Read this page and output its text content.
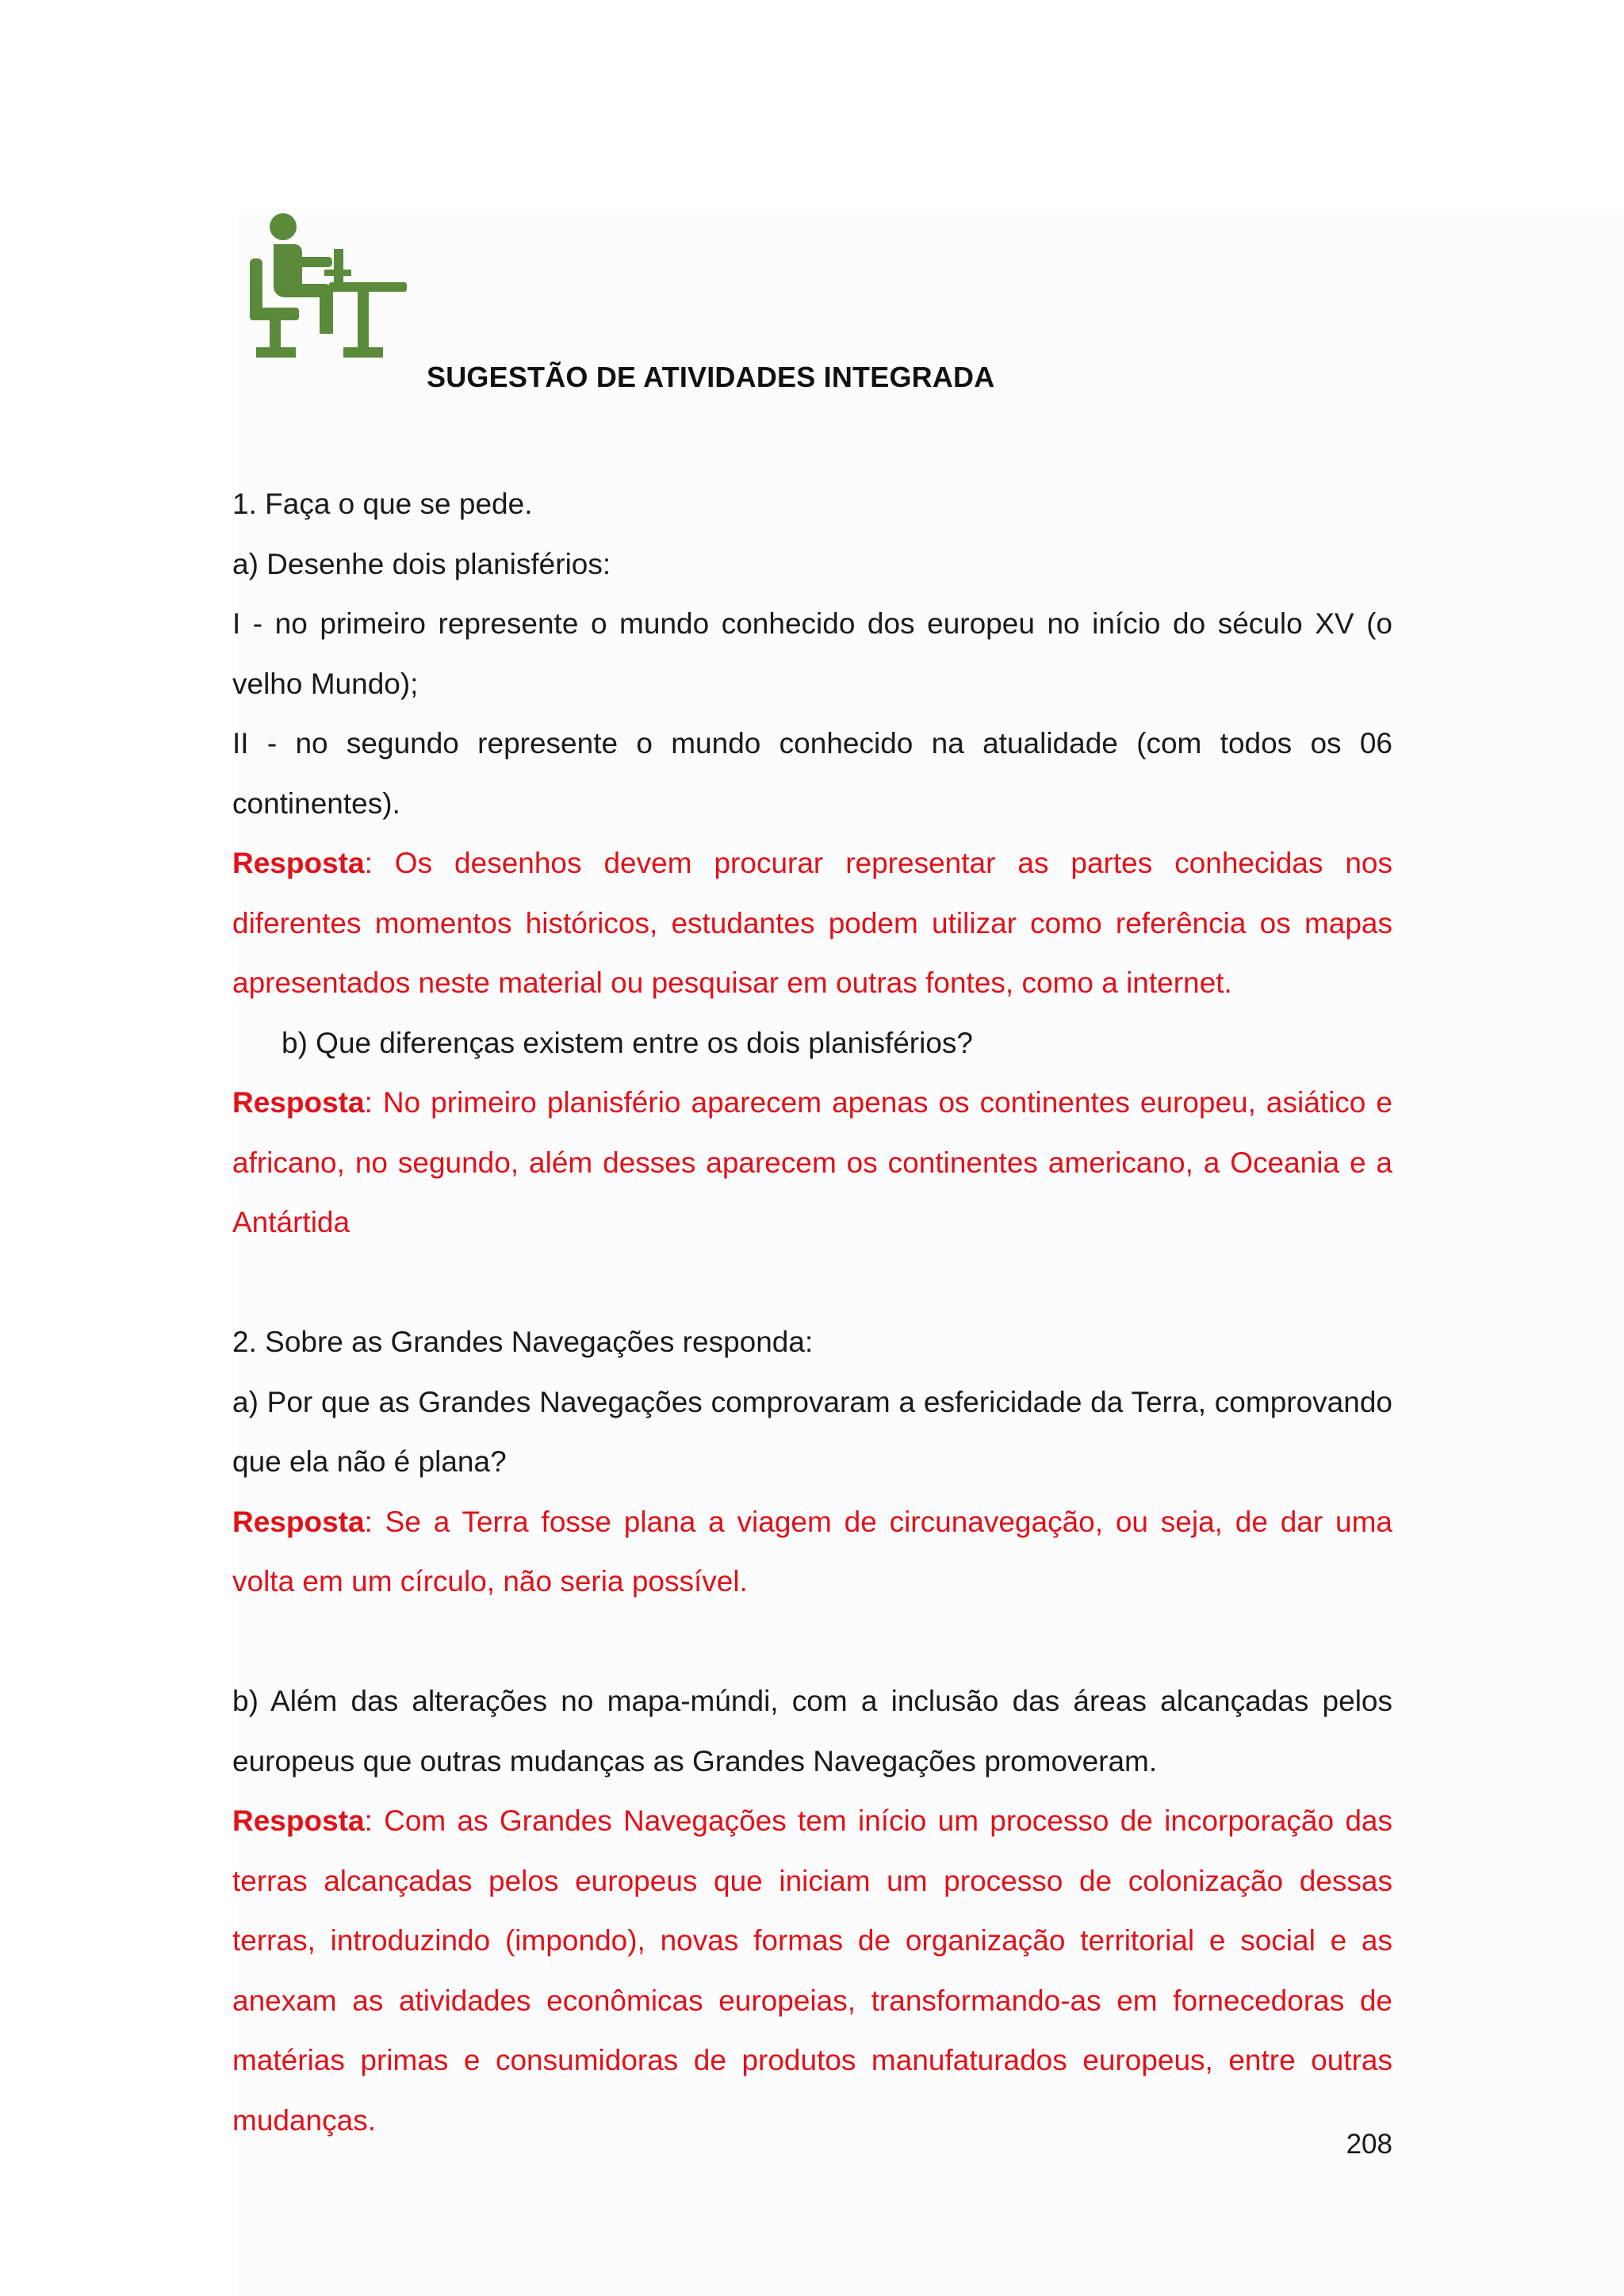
SUGESTÃO DE ATIVIDADES INTEGRADA

1. Faça o que se pede.

a) Desenhe dois planisférios:

I - no primeiro represente o mundo conhecido dos europeu no início do século XV (o velho Mundo);

II - no segundo represente o mundo conhecido na atualidade (com todos os 06 continentes).

Resposta: Os desenhos devem procurar representar as partes conhecidas nos diferentes momentos históricos, estudantes podem utilizar como referência os mapas apresentados neste material ou pesquisar em outras fontes, como a internet.

b) Que diferenças existem entre os dois planisférios?

Resposta: No primeiro planisfério aparecem apenas os continentes europeu, asiático e africano, no segundo, além desses aparecem os continentes americano, a Oceania e a Antártida

2. Sobre as Grandes Navegações responda:

a) Por que as Grandes Navegações comprovaram a esfericidade da Terra, comprovando que ela não é plana?

Resposta: Se a Terra fosse plana a viagem de circunavegação, ou seja, de dar uma volta em um círculo, não seria possível.

b) Além das alterações no mapa-múndi, com a inclusão das áreas alcançadas pelos europeus que outras mudanças as Grandes Navegações promoveram.

Resposta: Com as Grandes Navegações tem início um processo de incorporação das terras alcançadas pelos europeus que iniciam um processo de colonização dessas terras, introduzindo (impondo), novas formas de organização territorial e social e as anexam as atividades econômicas europeias, transformando-as em fornecedoras de matérias primas e consumidoras de produtos manufaturados europeus, entre outras mudanças.

208
